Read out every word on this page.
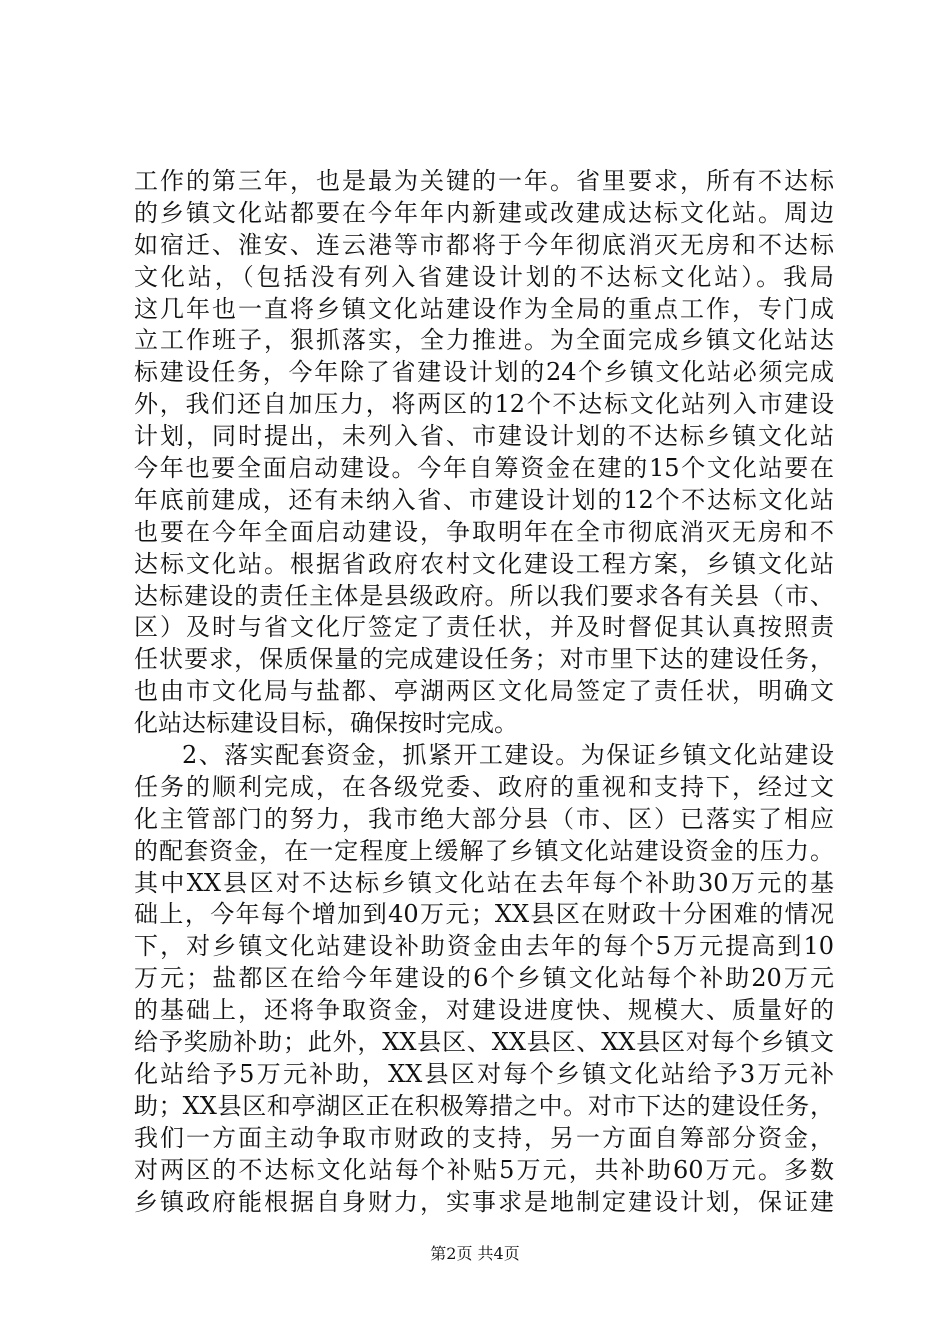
工作的第三年，也是最为关键的一年。省里要求，所有不达标
的乡镇文化站都要在今年年内新建或改建成达标文化站。周边
如宿迁、淮安、连云港等市都将于今年彻底消灭无房和不达标
文化站，（包括没有列入省建设计划的不达标文化站）。我局
这几年也一直将乡镇文化站建设作为全局的重点工作，专门成
立工作班子，狠抓落实，全力推进。为全面完成乡镇文化站达
标建设任务，今年除了省建设计划的24个乡镇文化站必须完成
外，我们还自加压力，将两区的12个不达标文化站列入市建设
计划，同时提出，未列入省、市建设计划的不达标乡镇文化站
今年也要全面启动建设。今年自筹资金在建的15个文化站要在
年底前建成，还有未纳入省、市建设计划的12个不达标文化站
也要在今年全面启动建设，争取明年在全市彻底消灭无房和不
达标文化站。根据省政府农村文化建设工程方案，乡镇文化站
达标建设的责任主体是县级政府。所以我们要求各有关县（市、
区）及时与省文化厅签定了责任状，并及时督促其认真按照责
任状要求，保质保量的完成建设任务；对市里下达的建设任务，
也由市文化局与盐都、亭湖两区文化局签定了责任状，明确文
化站达标建设目标，确保按时完成。
2、落实配套资金，抓紧开工建设。为保证乡镇文化站建设
任务的顺利完成，在各级党委、政府的重视和支持下，经过文
化主管部门的努力，我市绝大部分县（市、区）已落实了相应
的配套资金，在一定程度上缓解了乡镇文化站建设资金的压力。
其中XX县区对不达标乡镇文化站在去年每个补助30万元的基
础上，今年每个增加到40万元；XX县区在财政十分困难的情况
下，对乡镇文化站建设补助资金由去年的每个5万元提高到10
万元；盐都区在给今年建设的6个乡镇文化站每个补助20万元
的基础上，还将争取资金，对建设进度快、规模大、质量好的
给予奖励补助；此外，XX县区、XX县区、XX县区对每个乡镇文
化站给予5万元补助，XX县区对每个乡镇文化站给予3万元补
助；XX县区和亭湖区正在积极筹措之中。对市下达的建设任务，
我们一方面主动争取市财政的支持，另一方面自筹部分资金，
对两区的不达标文化站每个补贴5万元，共补助60万元。多数
乡镇政府能根据自身财力，实事求是地制定建设计划，保证建
第2页 共4页
